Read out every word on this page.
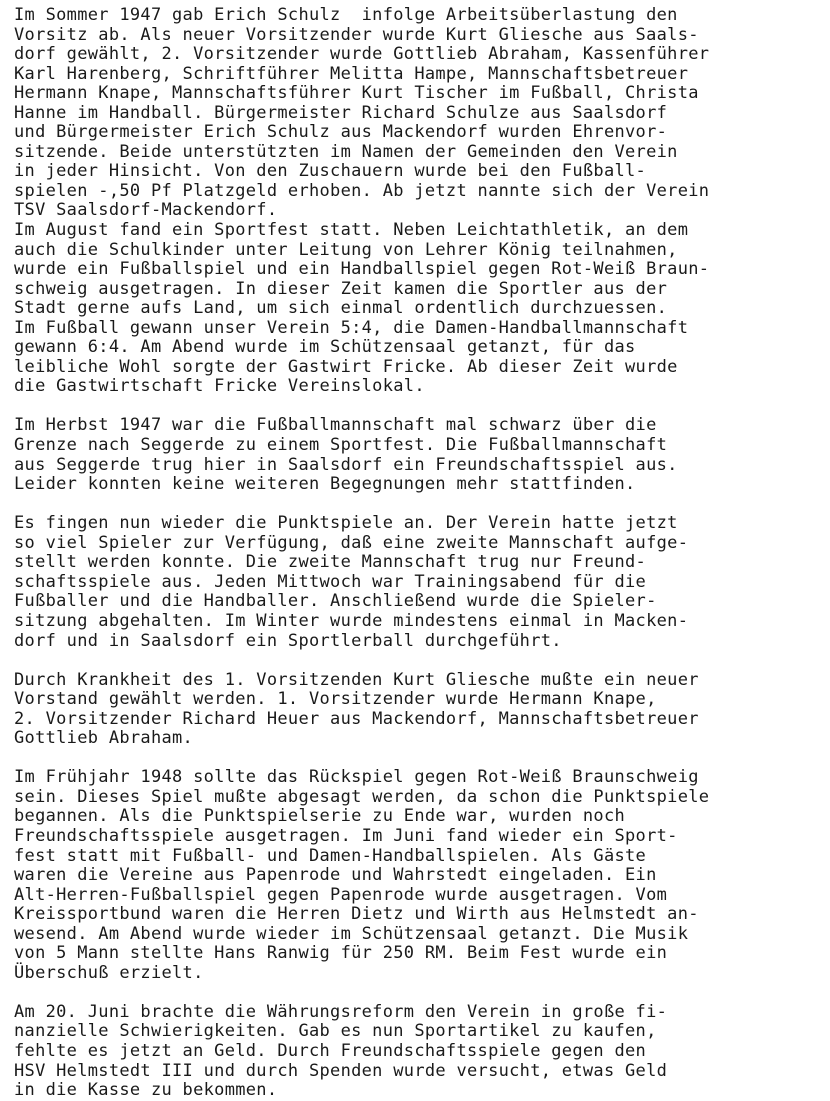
Im Sommer 1947 gab Erich Schulz  infolge Arbeitsüberlastung den
Vorsitz ab. Als neuer Vorsitzender wurde Kurt Gliesche aus Saals-
dorf gewählt, 2. Vorsitzender wurde Gottlieb Abraham, Kassenführer
Karl Harenberg, Schriftführer Melitta Hampe, Mannschaftsbetreuer
Hermann Knape, Mannschaftsführer Kurt Tischer im Fußball, Christa
Hanne im Handball. Bürgermeister Richard Schulze aus Saalsdorf
und Bürgermeister Erich Schulz aus Mackendorf wurden Ehrenvor-
sitzende. Beide unterstützten im Namen der Gemeinden den Verein
in jeder Hinsicht. Von den Zuschauern wurde bei den Fußball-
spielen -,50 Pf Platzgeld erhoben. Ab jetzt nannte sich der Verein
TSV Saalsdorf-Mackendorf.
Im August fand ein Sportfest statt. Neben Leichtathletik, an dem
auch die Schulkinder unter Leitung von Lehrer König teilnahmen,
wurde ein Fußballspiel und ein Handballspiel gegen Rot-Weiß Braun-
schweig ausgetragen. In dieser Zeit kamen die Sportler aus der
Stadt gerne aufs Land, um sich einmal ordentlich durchzuessen.
Im Fußball gewann unser Verein 5:4, die Damen-Handballmannschaft
gewann 6:4. Am Abend wurde im Schützensaal getanzt, für das
leibliche Wohl sorgte der Gastwirt Fricke. Ab dieser Zeit wurde
die Gastwirtschaft Fricke Vereinslokal.
Im Herbst 1947 war die Fußballmannschaft mal schwarz über die
Grenze nach Seggerde zu einem Sportfest. Die Fußballmannschaft
aus Seggerde trug hier in Saalsdorf ein Freundschaftsspiel aus.
Leider konnten keine weiteren Begegnungen mehr stattfinden.
Es fingen nun wieder die Punktspiele an. Der Verein hatte jetzt
so viel Spieler zur Verfügung, daß eine zweite Mannschaft aufge-
stellt werden konnte. Die zweite Mannschaft trug nur Freund-
schaftsspiele aus. Jeden Mittwoch war Trainingsabend für die
Fußballer und die Handballer. Anschließend wurde die Spieler-
sitzung abgehalten. Im Winter wurde mindestens einmal in Macken-
dorf und in Saalsdorf ein Sportlerball durchgeführt.
Durch Krankheit des 1. Vorsitzenden Kurt Gliesche mußte ein neuer
Vorstand gewählt werden. 1. Vorsitzender wurde Hermann Knape,
2. Vorsitzender Richard Heuer aus Mackendorf, Mannschaftsbetreuer
Gottlieb Abraham.
Im Frühjahr 1948 sollte das Rückspiel gegen Rot-Weiß Braunschweig
sein. Dieses Spiel mußte abgesagt werden, da schon die Punktspiele
begannen. Als die Punktspielserie zu Ende war, wurden noch
Freundschaftsspiele ausgetragen. Im Juni fand wieder ein Sport-
fest statt mit Fußball- und Damen-Handballspielen. Als Gäste
waren die Vereine aus Papenrode und Wahrstedt eingeladen. Ein
Alt-Herren-Fußballspiel gegen Papenrode wurde ausgetragen. Vom
Kreissportbund waren die Herren Dietz und Wirth aus Helmstedt an-
wesend. Am Abend wurde wieder im Schützensaal getanzt. Die Musik
von 5 Mann stellte Hans Ranwig für 250 RM. Beim Fest wurde ein
Überschuß erzielt.
Am 20. Juni brachte die Währungsreform den Verein in große fi-
nanzielle Schwierigkeiten. Gab es nun Sportartikel zu kaufen,
fehlte es jetzt an Geld. Durch Freundschaftsspiele gegen den
HSV Helmstedt III und durch Spenden wurde versucht, etwas Geld
in die Kasse zu bekommen.
